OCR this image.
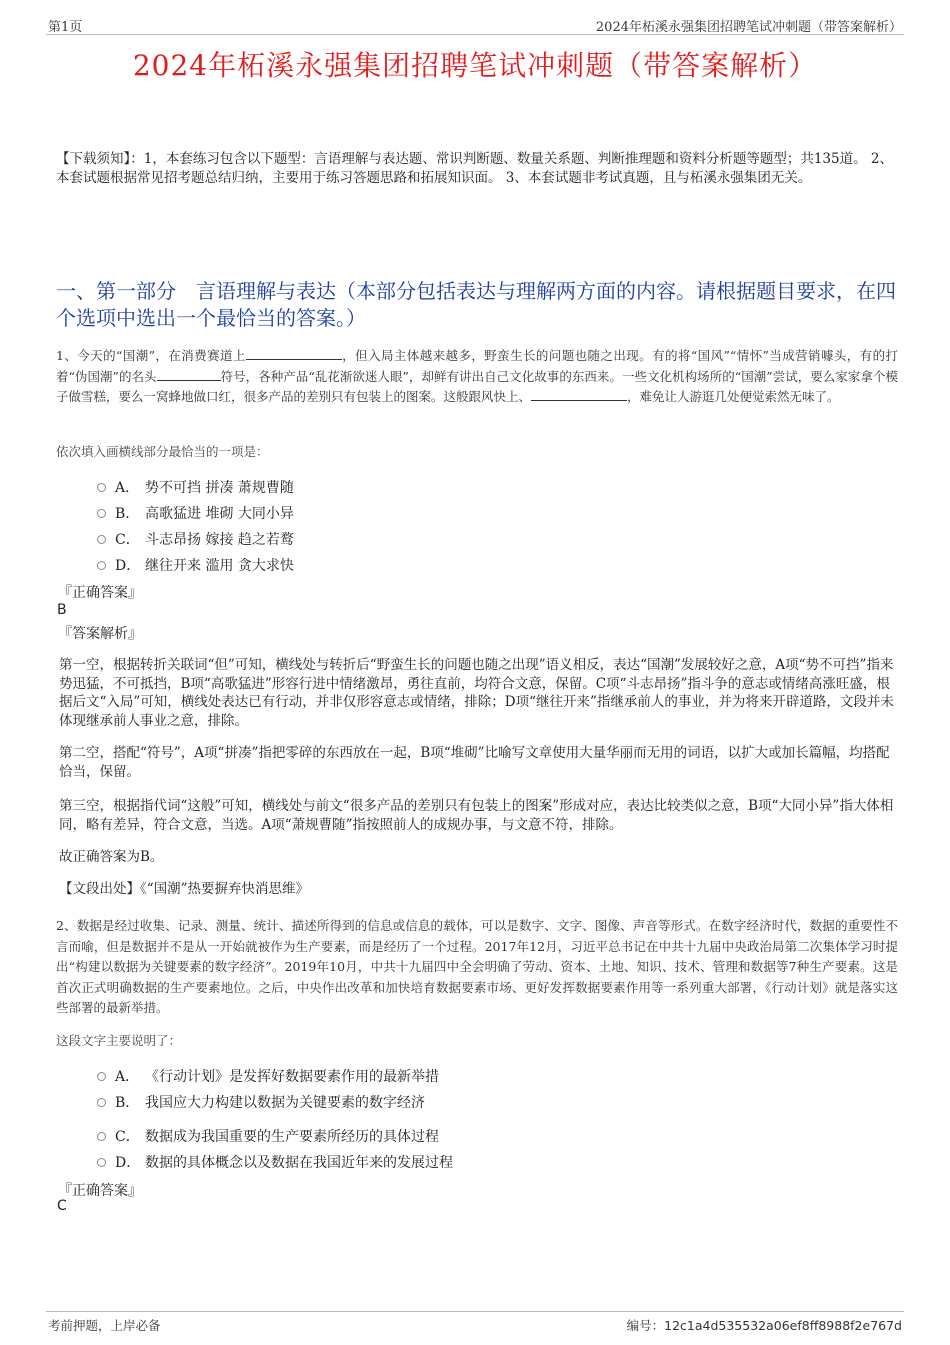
第1页	2024年柘溪永强集团招聘笔试冲刺题（带答案解析）
2024年柘溪永强集团招聘笔试冲刺题（带答案解析）
【下载须知】：1，本套练习包含以下题型：言语理解与表达题、常识判断题、数量关系题、判断推理题和资料分析题等题型；共135道。 2、本套试题根据常见招考题总结归纳，主要用于练习答题思路和拓展知识面。 3、本套试题非考试真题，且与柘溪永强集团无关。
一、第一部分　言语理解与表达（本部分包括表达与理解两方面的内容。请根据题目要求，在四个选项中选出一个最恰当的答案。）
1、今天的“国潮”，在消费赛道上	，但入局主体越来越多，野蛮生长的问题也随之出现。有的将“国风”“情怀”当成营销噱头，有的打着“伪国潮”的名头	符号，各种产品“乱花渐欲迷人眼”，却鲜有讲出自己文化故事的东西来。一些文化机构场所的“国潮”尝试，要么家家拿个模子做雪糕，要么一窝蜂地做口红，很多产品的差别只有包装上的图案。这般跟风快上、	，难免让人游逛几处便觉索然无味了。
依次填入画横线部分最恰当的一项是：
A． 势不可挡 拼凑 萧规曹随
B． 高歌猛进 堆砌 大同小异
C． 斗志昂扬 嫁接 趋之若鹜
D． 继往开来 滥用 贪大求快
『正确答案』
B
『答案解析』
第一空，根据转折关联词“但”可知，横线处与转折后“野蛮生长的问题也随之出现”语义相反，表达“国潮”发展较好之意，A项“势不可挡”指来势迅猛，不可抵挡，B项“高歌猛进”形容行进中情绪激昂，勇往直前，均符合文意，保留。C项“斗志昂扬”指斗争的意志或情绪高涨旺盛，根据后文“入局”可知，横线处表达已有行动，并非仅形容意志或情绪，排除；D项“继往开来”指继承前人的事业，并为将来开辟道路，文段并未体现继承前人事业之意，排除。
第二空，搭配“符号”，A项“拼凑”指把零碎的东西放在一起，B项“堆砌”比喻写文章使用大量华丽而无用的词语，以扩大或加长篇幅，均搭配恰当，保留。
第三空，根据指代词“这般”可知，横线处与前文“很多产品的差别只有包装上的图案”形成对应，表达比较类似之意，B项“大同小异”指大体相同，略有差异，符合文意，当选。A项“萧规曹随”指按照前人的成规办事，与文意不符，排除。
故正确答案为B。
【文段出处】《“国潮”热要摒弃快消思维》
2、数据是经过收集、记录、测量、统计、描述所得到的信息或信息的载体，可以是数字、文字、图像、声音等形式。在数字经济时代，数据的重要性不言而喻，但是数据并不是从一开始就被作为生产要素，而是经历了一个过程。2017年12月，习近平总书记在中共十九届中央政治局第二次集体学习时提出“构建以数据为关键要素的数字经济”。2019年10月，中共十九届四中全会明确了劳动、资本、土地、知识、技术、管理和数据等7种生产要素。这是首次正式明确数据的生产要素地位。之后，中央作出改革和加快培育数据要素市场、更好发挥数据要素作用等一系列重大部署，《行动计划》就是落实这些部署的最新举措。
这段文字主要说明了：
A． 《行动计划》是发挥好数据要素作用的最新举措
B． 我国应大力构建以数据为关键要素的数字经济
C． 数据成为我国重要的生产要素所经历的具体过程
D． 数据的具体概念以及数据在我国近年来的发展过程
『正确答案』
C
考前押题，上岸必备	编号：12c1a4d535532a06ef8ff8988f2e767d
